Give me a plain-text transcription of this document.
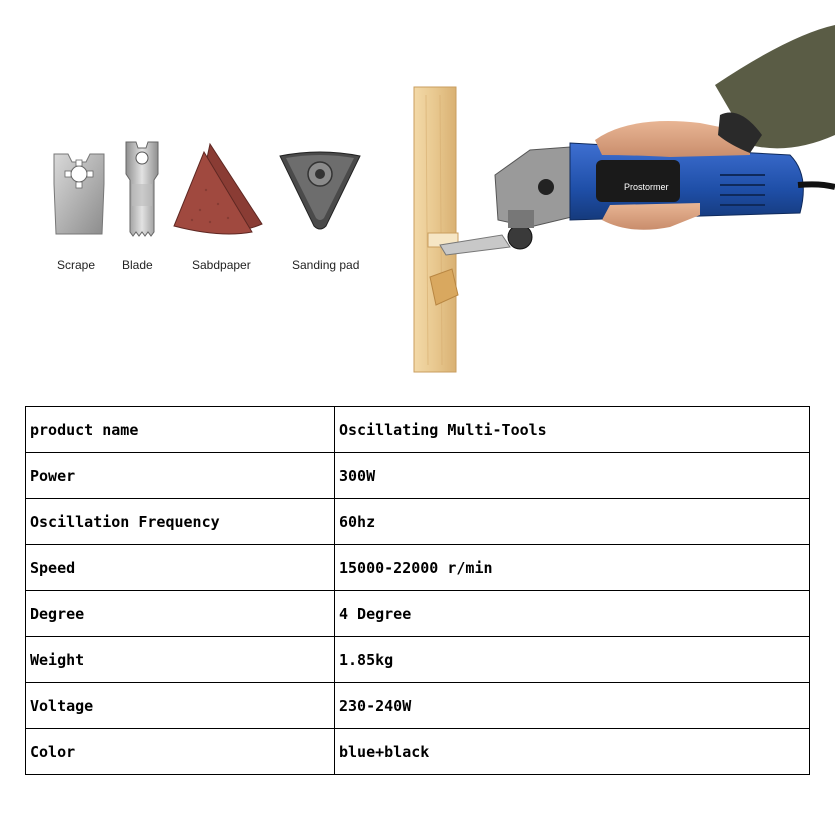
Scrape Blade	Sabdpaper	Sanding pad
Prostormer
product name	Oscillating Multi-Tools
Power	300W
Oscillation Frequency	60hz
Speed	15000-22000 r/min
Degree	4 Degree
Weight	1.85kg
Voltage	230-240W
Color	blue+black
